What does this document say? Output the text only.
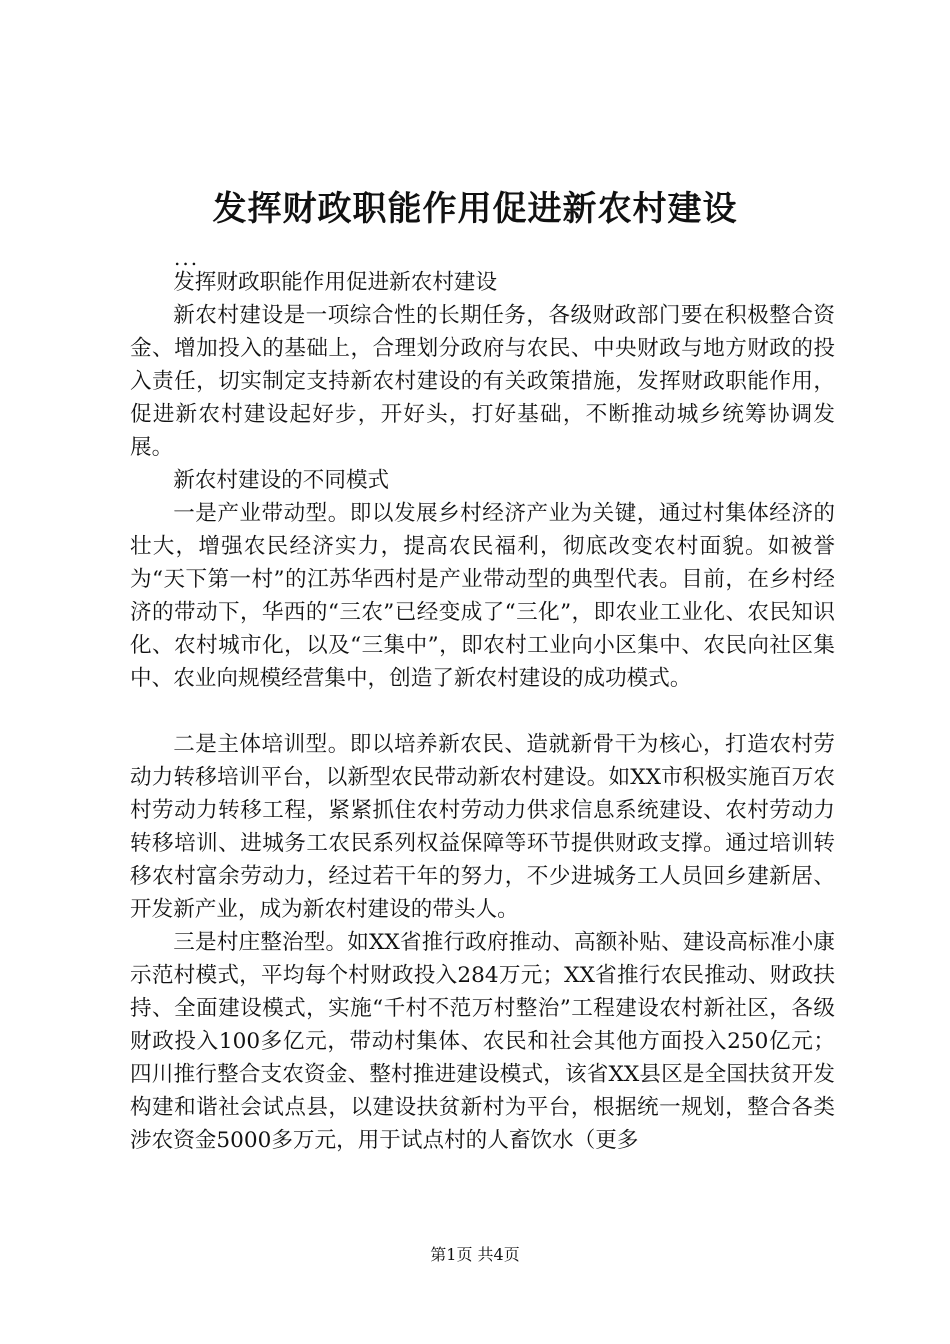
发挥财政职能作用促进新农村建设
...

发挥财政职能作用促进新农村建设

新农村建设是一项综合性的长期任务，各级财政部门要在积极整合资金、增加投入的基础上，合理划分政府与农民、中央财政与地方财政的投入责任，切实制定支持新农村建设的有关政策措施，发挥财政职能作用，促进新农村建设起好步，开好头，打好基础，不断推动城乡统筹协调发展。

新农村建设的不同模式

一是产业带动型。即以发展乡村经济产业为关键，通过村集体经济的壮大，增强农民经济实力，提高农民福利，彻底改变农村面貌。如被誉为“天下第一村”的江苏华西村是产业带动型的典型代表。目前，在乡村经济的带动下，华西的“三农”已经变成了“三化”，即农业工业化、农民知识化、农村城市化，以及“三集中”，即农村工业向小区集中、农民向社区集中、农业向规模经营集中，创造了新农村建设的成功模式。

二是主体培训型。即以培养新农民、造就新骨干为核心，打造农村劳动力转移培训平台，以新型农民带动新农村建设。如XX市积极实施百万农村劳动力转移工程，紧紧抓住农村劳动力供求信息系统建设、农村劳动力转移培训、进城务工农民系列权益保障等环节提供财政支撑。通过培训转移农村富余劳动力，经过若干年的努力，不少进城务工人员回乡建新居、开发新产业，成为新农村建设的带头人。

三是村庄整治型。如XX省推行政府推动、高额补贴、建设高标准小康示范村模式，平均每个村财政投入284万元；XX省推行农民推动、财政扶持、全面建设模式，实施“千村不范万村整治”工程建设农村新社区，各级财政投入100多亿元，带动村集体、农民和社会其他方面投入250亿元；四川推行整合支农资金、整村推进建设模式，该省XX县区是全国扶贫开发构建和谐社会试点县，以建设扶贫新村为平台，根据统一规划，整合各类涉农资金5000多万元，用于试点村的人畜饮水（更多

第1页 共4页
